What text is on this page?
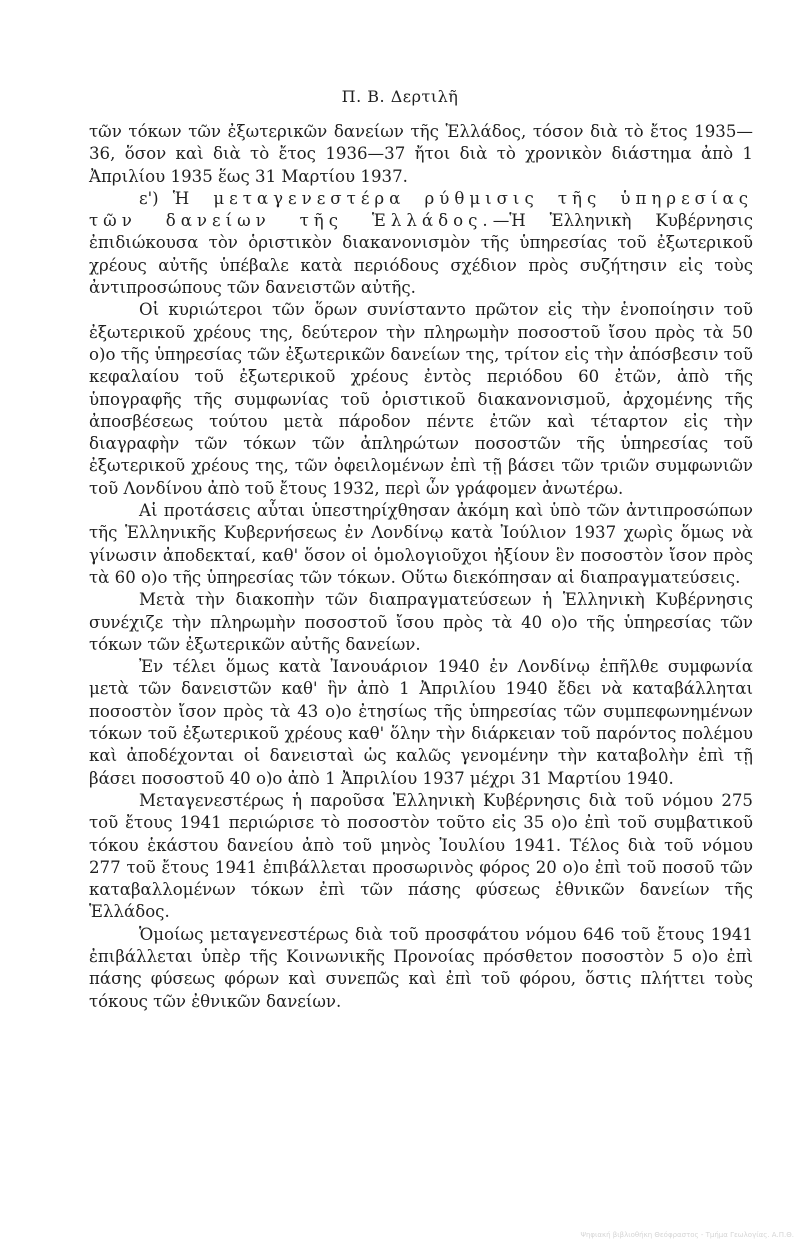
Π. Β. Δερτιλῆ

τῶν τόκων τῶν ἐξωτερικῶν δανείων τῆς Ἑλλάδος, τόσον διὰ τὸ ἔτος 1935—36, ὅσον καὶ διὰ τὸ ἔτος 1936—37 ἤτοι διὰ τὸ χρονικὸν διάστημα ἀπὸ 1 Ἀπριλίου 1935 ἕως 31 Μαρτίου 1937.

ε') Ἡ μεταγενεστέρα ρύθμισις τῆς ὑπηρεσίας τῶν δανείων τῆς Ἑλλάδος.—Ἡ Ἑλληνικὴ Κυβέρνησις ἐπιδιώκουσα τὸν ὁριστικὸν διακανονισμὸν τῆς ὑπηρεσίας τοῦ ἐξωτερικοῦ χρέους αὐτῆς ὑπέβαλε κατὰ περιόδους σχέδιον πρὸς συζήτησιν εἰς τοὺς ἀντιπροσώπους τῶν δανειστῶν αὐτῆς.

Οἱ κυριώτεροι τῶν ὅρων συνίσταντο πρῶτον εἰς τὴν ἑνοποίησιν τοῦ ἐξωτερικοῦ χρέους της, δεύτερον τὴν πληρωμὴν ποσοστοῦ ἴσου πρὸς τὰ 50 ο)ο τῆς ὑπηρεσίας τῶν ἐξωτερικῶν δανείων της, τρίτον εἰς τὴν ἀπόσβεσιν τοῦ κεφαλαίου τοῦ ἐξωτερικοῦ χρέους ἐντὸς περιόδου 60 ἐτῶν, ἀπὸ τῆς ὑπογραφῆς τῆς συμφωνίας τοῦ ὁριστικοῦ διακανονισμοῦ, ἀρχομένης τῆς ἀποσβέσεως τούτου μετὰ πάροδον πέντε ἐτῶν καὶ τέταρτον εἰς τὴν διαγραφὴν τῶν τόκων τῶν ἀπληρώτων ποσοστῶν τῆς ὑπηρεσίας τοῦ ἐξωτερικοῦ χρέους της, τῶν ὀφειλομένων ἐπὶ τῇ βάσει τῶν τριῶν συμφωνιῶν τοῦ Λονδίνου ἀπὸ τοῦ ἔτους 1932, περὶ ὧν γράφομεν ἀνωτέρω.

Αἱ προτάσεις αὗται ὑπεστηρίχθησαν ἀκόμη καὶ ὑπὸ τῶν ἀντιπροσώπων τῆς Ἑλληνικῆς Κυβερνήσεως ἐν Λονδίνῳ κατὰ Ἰούλιον 1937 χωρὶς ὅμως νὰ γίνωσιν ἀποδεκταί, καθ' ὅσον οἱ ὁμολογιοῦχοι ἠξίουν ἓν ποσοστὸν ἴσον πρὸς τὰ 60 ο)ο τῆς ὑπηρεσίας τῶν τόκων. Οὕτω διεκόπησαν αἱ διαπραγματεύσεις.

Μετὰ τὴν διακοπὴν τῶν διαπραγματεύσεων ἡ Ἑλληνικὴ Κυβέρνησις συνέχιζε τὴν πληρωμὴν ποσοστοῦ ἴσου πρὸς τὰ 40 ο)ο τῆς ὑπηρεσίας τῶν τόκων τῶν ἐξωτερικῶν αὐτῆς δανείων.

Ἐν τέλει ὅμως κατὰ Ἰανουάριον 1940 ἐν Λονδίνῳ ἐπῆλθε συμφωνία μετὰ τῶν δανειστῶν καθ' ἣν ἀπὸ 1 Ἀπριλίου 1940 ἔδει νὰ καταβάλληται ποσοστὸν ἴσον πρὸς τὰ 43 ο)ο ἐτησίως τῆς ὑπηρεσίας τῶν συμπεφωνημένων τόκων τοῦ ἐξωτερικοῦ χρέους καθ' ὅλην τὴν διάρκειαν τοῦ παρόντος πολέμου καὶ ἀποδέχονται οἱ δανεισταὶ ὡς καλῶς γενομένην τὴν καταβολὴν ἐπὶ τῇ βάσει ποσοστοῦ 40 ο)ο ἀπὸ 1 Ἀπριλίου 1937 μέχρι 31 Μαρτίου 1940.

Μεταγενεστέρως ἡ παροῦσα Ἑλληνικὴ Κυβέρνησις διὰ τοῦ νόμου 275 τοῦ ἔτους 1941 περιώρισε τὸ ποσοστὸν τοῦτο εἰς 35 ο)ο ἐπὶ τοῦ συμβατικοῦ τόκου ἑκάστου δανείου ἀπὸ τοῦ μηνὸς Ἰουλίου 1941. Τέλος διὰ τοῦ νόμου 277 τοῦ ἔτους 1941 ἐπιβάλλεται προσωρινὸς φόρος 20 ο)ο ἐπὶ τοῦ ποσοῦ τῶν καταβαλλομένων τόκων ἐπὶ τῶν πάσης φύσεως ἐθνικῶν δανείων τῆς Ἑλλάδος.

Ὁμοίως μεταγενεστέρως διὰ τοῦ προσφάτου νόμου 646 τοῦ ἔτους 1941 ἐπιβάλλεται ὑπὲρ τῆς Κοινωνικῆς Προνοίας πρόσθετον ποσοστὸν 5 ο)ο ἐπὶ πάσης φύσεως φόρων καὶ συνεπῶς καὶ ἐπὶ τοῦ φόρου, ὅστις πλήττει τοὺς τόκους τῶν ἐθνικῶν δανείων.

Ψηφιακή βιβλιοθήκη Θεόφραστος - Τμήμα Γεωλογίας. Α.Π.Θ.
